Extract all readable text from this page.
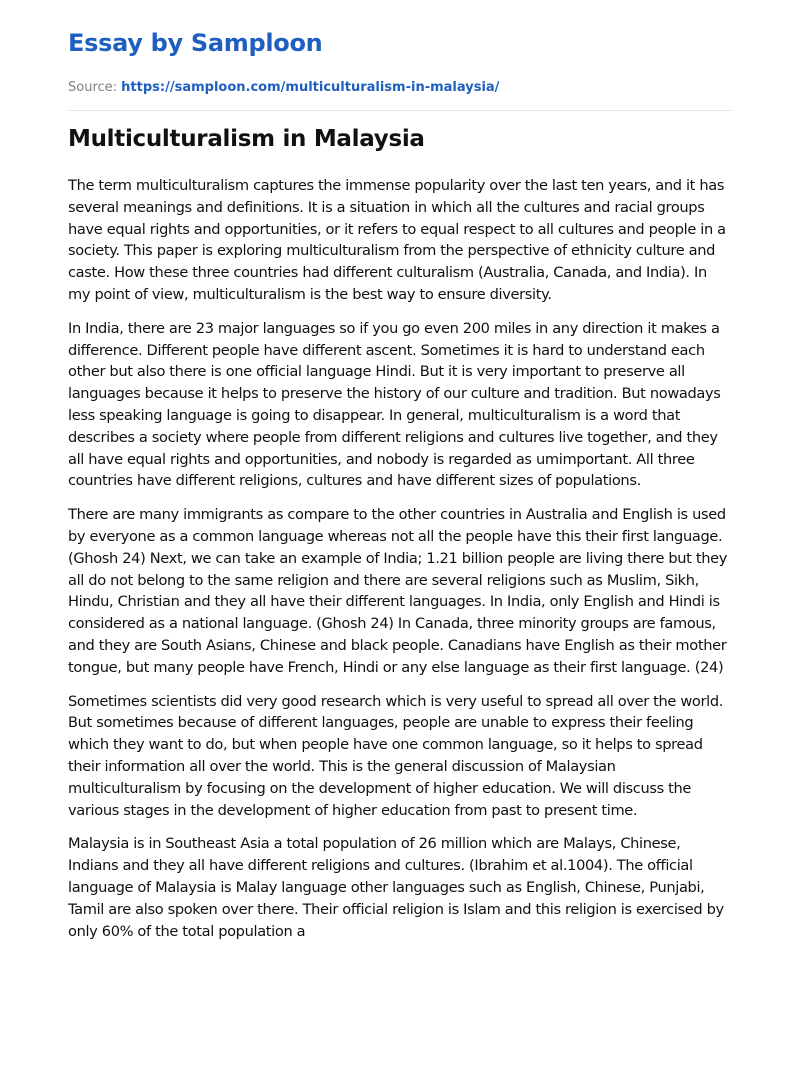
Essay by Samploon
Source: https://samploon.com/multiculturalism-in-malaysia/
Multiculturalism in Malaysia

The term multiculturalism captures the immense popularity over the last ten years, and it has several meanings and definitions. It is a situation in which all the cultures and racial groups have equal rights and opportunities, or it refers to equal respect to all cultures and people in a society. This paper is exploring multiculturalism from the perspective of ethnicity culture and caste. How these three countries had different culturalism (Australia, Canada, and India). In my point of view, multiculturalism is the best way to ensure diversity.

In India, there are 23 major languages so if you go even 200 miles in any direction it makes a difference. Different people have different ascent. Sometimes it is hard to understand each other but also there is one official language Hindi. But it is very important to preserve all languages because it helps to preserve the history of our culture and tradition. But nowadays less speaking language is going to disappear. In general, multiculturalism is a word that describes a society where people from different religions and cultures live together, and they all have equal rights and opportunities, and nobody is regarded as umimportant. All three countries have different religions, cultures and have different sizes of populations.

There are many immigrants as compare to the other countries in Australia and English is used by everyone as a common language whereas not all the people have this their first language. (Ghosh 24) Next, we can take an example of India; 1.21 billion people are living there but they all do not belong to the same religion and there are several religions such as Muslim, Sikh, Hindu, Christian and they all have their different languages. In India, only English and Hindi is considered as a national language. (Ghosh 24) In Canada, three minority groups are famous, and they are South Asians, Chinese and black people. Canadians have English as their mother tongue, but many people have French, Hindi or any else language as their first language. (24)

Sometimes scientists did very good research which is very useful to spread all over the world. But sometimes because of different languages, people are unable to express their feeling which they want to do, but when people have one common language, so it helps to spread their information all over the world. This is the general discussion of Malaysian multiculturalism by focusing on the development of higher education. We will discuss the various stages in the development of higher education from past to present time.

Malaysia is in Southeast Asia a total population of 26 million which are Malays, Chinese, Indians and they all have different religions and cultures. (Ibrahim et al.1004). The official language of Malaysia is Malay language other languages such as English, Chinese, Punjabi, Tamil are also spoken over there. Their official religion is Islam and this religion is exercised by only 60% of the total population a
